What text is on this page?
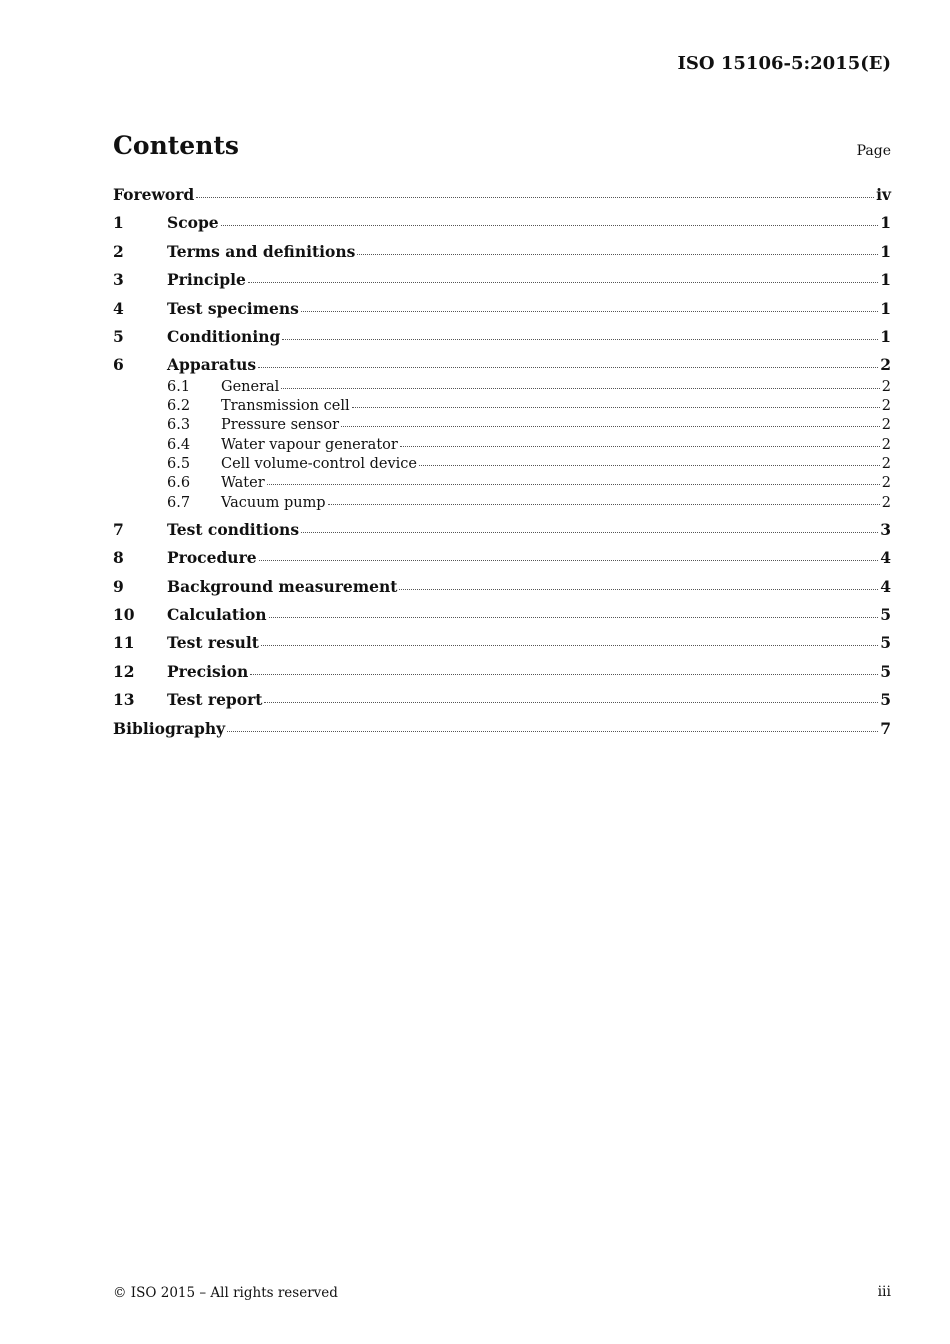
ISO 15106-5:2015(E)
Contents	Page
Foreword	iv
1	Scope	1
2	Terms and definitions	1
3	Principle	1
4	Test specimens	1
5	Conditioning	1
6	Apparatus	2
6.1	General	2
6.2	Transmission cell	2
6.3	Pressure sensor	2
6.4	Water vapour generator	2
6.5	Cell volume-control device	2
6.6	Water	2
6.7	Vacuum pump	2
7	Test conditions	3
8	Procedure	4
9	Background measurement	4
10	Calculation	5
11	Test result	5
12	Precision	5
13	Test report	5
Bibliography	7
© ISO 2015 – All rights reserved	iii
